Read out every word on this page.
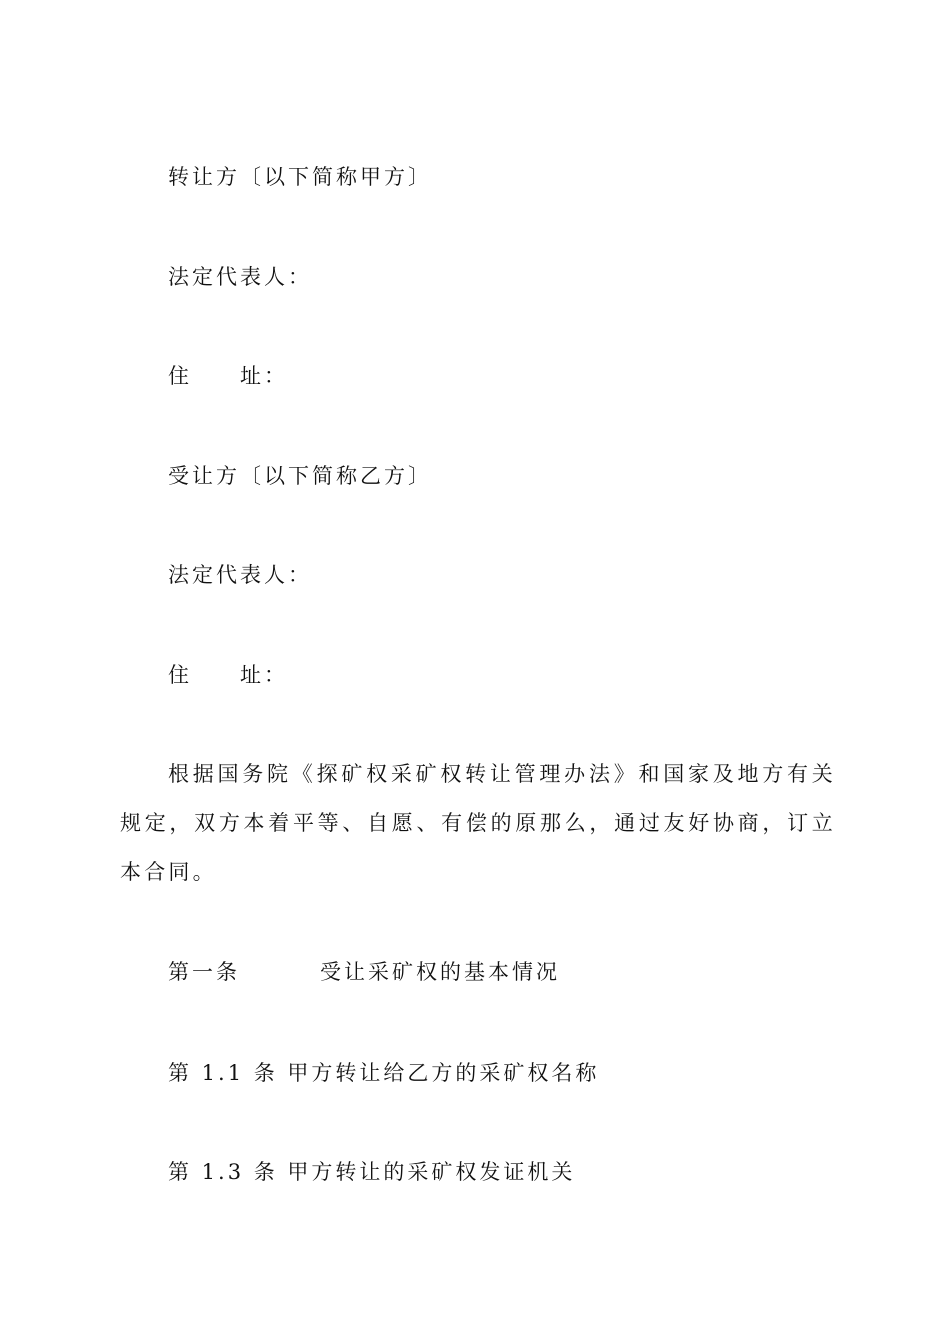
转让方〔以下简称甲方〕
法定代表人：
住 址：
受让方〔以下简称乙方〕
法定代表人：
住 址：
根据国务院《探矿权采矿权转让管理办法》和国家及地方有关规定，双方本着平等、自愿、有偿的原那么，通过友好协商，订立本合同。
第一条	受让采矿权的基本情况
第 1.1 条 甲方转让给乙方的采矿权名称
第 1.3 条 甲方转让的采矿权发证机关
